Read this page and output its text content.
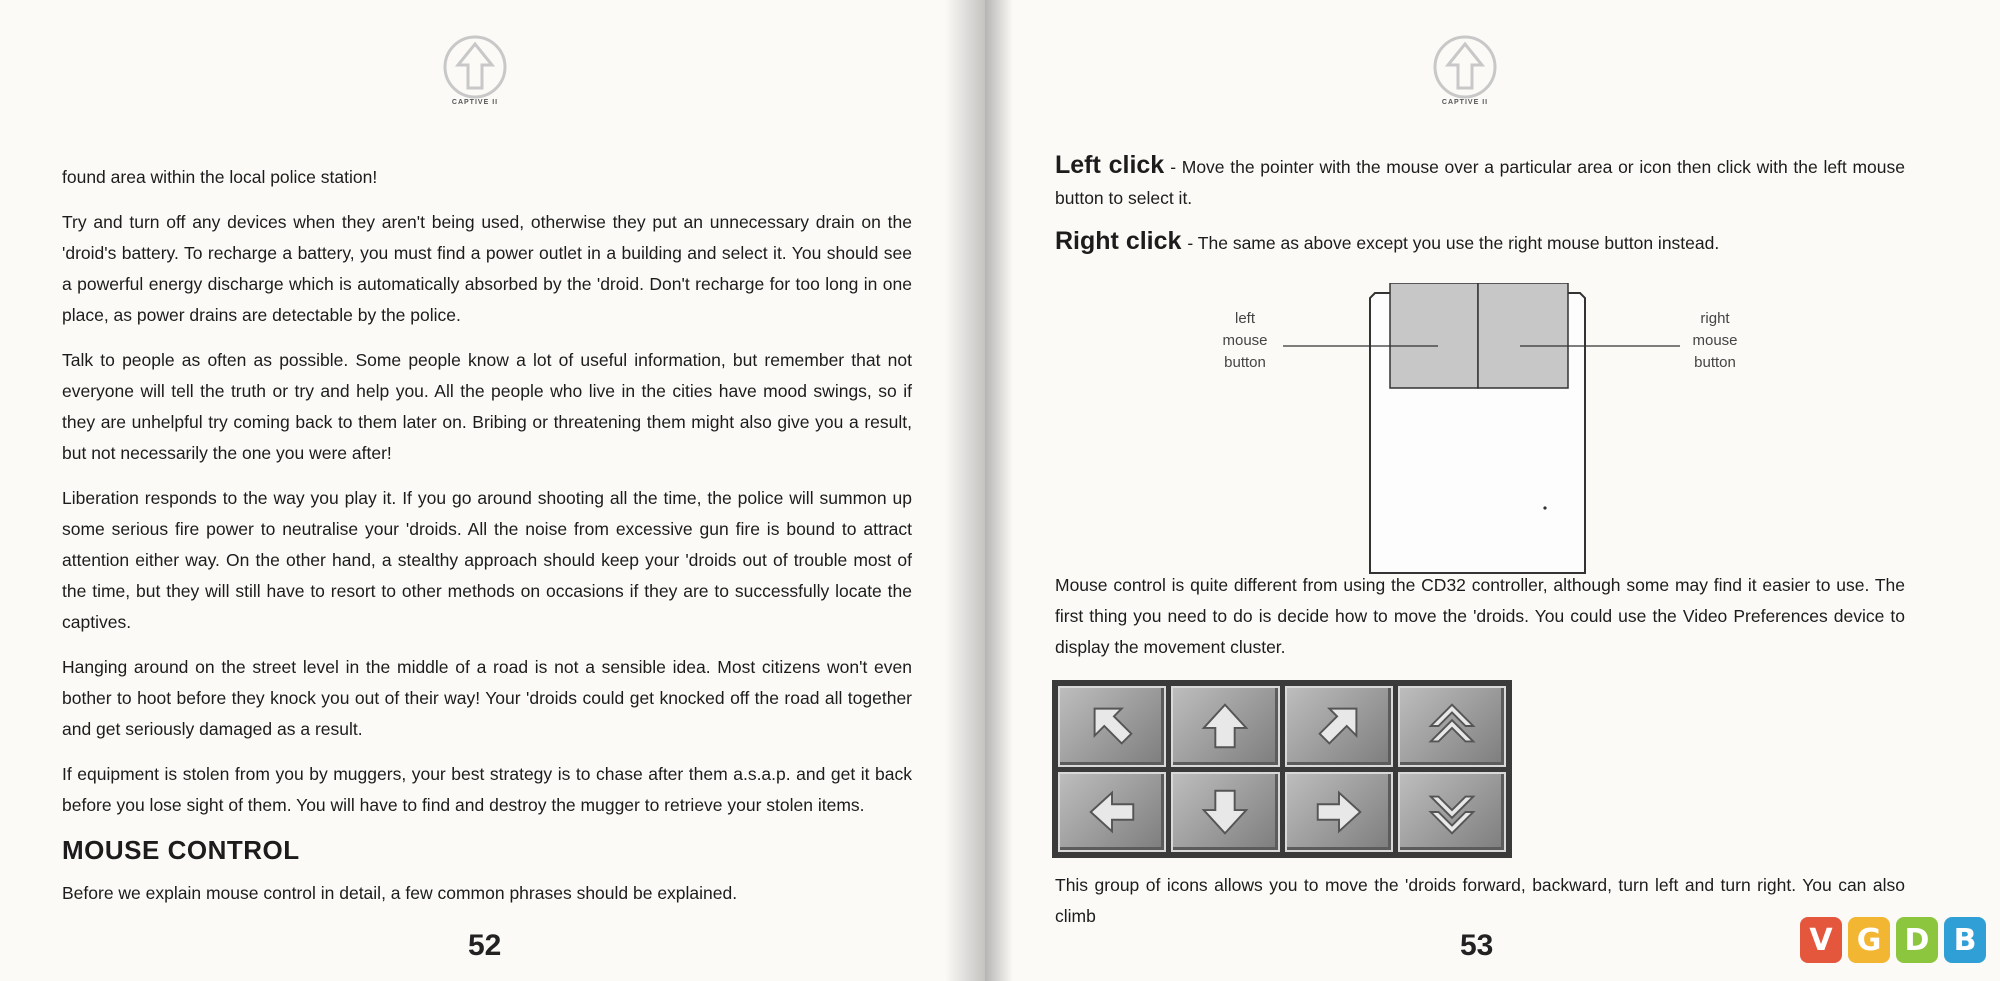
CAPTIVE II

found area within the local police station!

Try and turn off any devices when they aren't being used, otherwise they put an unnecessary drain on the 'droid's battery. To recharge a battery, you must find a power outlet in a building and select it. You should see a powerful energy discharge which is automatically absorbed by the 'droid. Don't recharge for too long in one place, as power drains are detectable by the police.

Talk to people as often as possible. Some people know a lot of useful information, but remember that not everyone will tell the truth or try and help you. All the people who live in the cities have mood swings, so if they are unhelpful try coming back to them later on. Bribing or threatening them might also give you a result, but not necessarily the one you were after!

Liberation responds to the way you play it. If you go around shooting all the time, the police will summon up some serious fire power to neutralise your 'droids. All the noise from excessive gun fire is bound to attract attention either way. On the other hand, a stealthy approach should keep your 'droids out of trouble most of the time, but they will still have to resort to other methods on occasions if they are to successfully locate the captives.

Hanging around on the street level in the middle of a road is not a sensible idea. Most citizens won't even bother to hoot before they knock you out of their way! Your 'droids could get knocked off the road all together and get seriously damaged as a result.

If equipment is stolen from you by muggers, your best strategy is to chase after them a.s.a.p. and get it back before you lose sight of them. You will have to find and destroy the mugger to retrieve your stolen items.

MOUSE CONTROL

Before we explain mouse control in detail, a few common phrases should be explained.

52
CAPTIVE II
53

Left click - Move the pointer with the mouse over a particular area or icon then click with the left mouse button to select it.

Right click - The same as above except you use the right mouse button instead.

left
mouse
button
right
mouse
button

Mouse control is quite different from using the CD32 controller, although some may find it easier to use. The first thing you need to do is decide how to move the 'droids. You could use the Video Preferences device to display the movement cluster.

This group of icons allows you to move the 'droids forward, backward, turn left and turn right. You can also climb

V G D B
